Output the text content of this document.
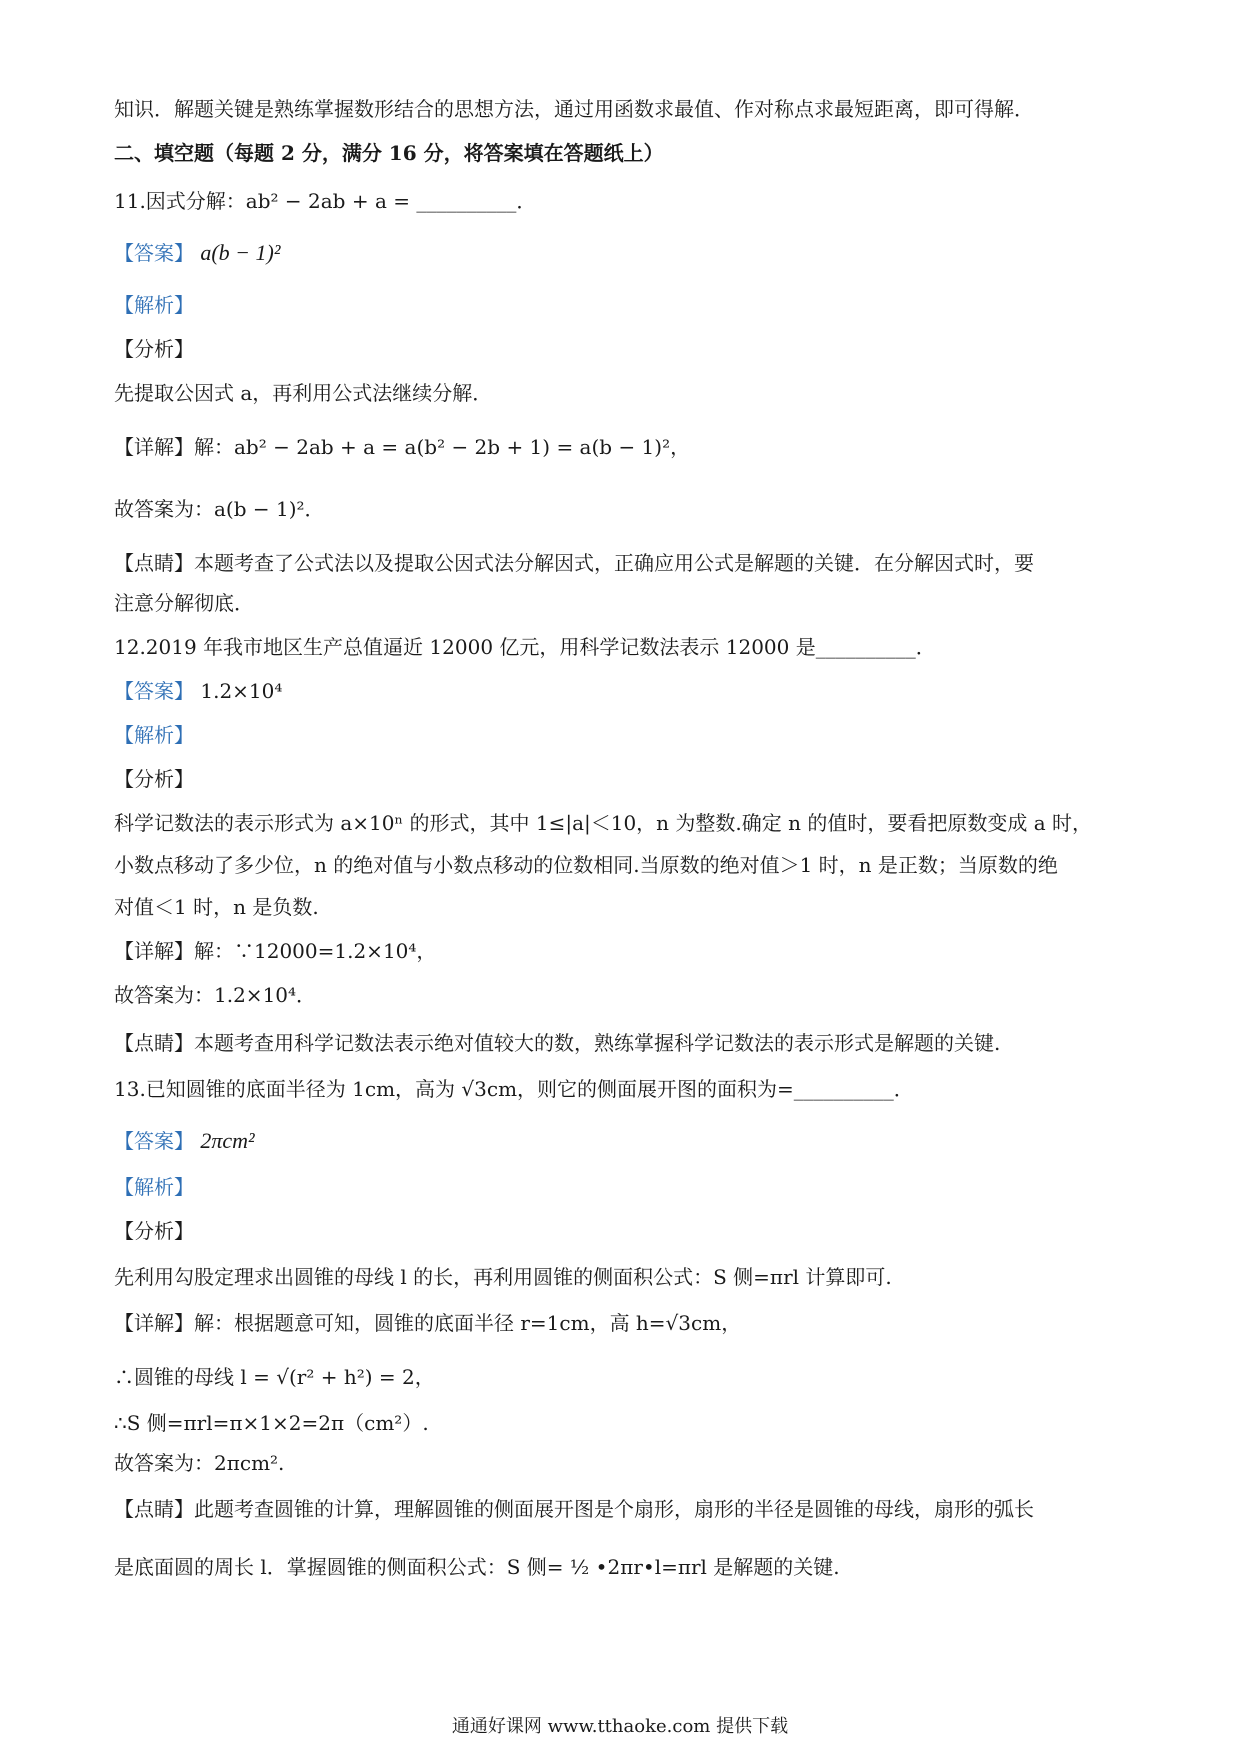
知识．解题关键是熟练掌握数形结合的思想方法，通过用函数求最值、作对称点求最短距离，即可得解．
二、填空题（每题 2 分，满分 16 分，将答案填在答题纸上）
11.因式分解：ab² − 2ab + a = __________．
【答案】 a(b − 1)²
【解析】
【分析】
先提取公因式 a，再利用公式法继续分解．
【详解】解：ab² − 2ab + a = a(b² − 2b + 1) = a(b − 1)²，
故答案为：a(b − 1)²．
【点睛】本题考查了公式法以及提取公因式法分解因式，正确应用公式是解题的关键．在分解因式时，要
注意分解彻底．
12.2019 年我市地区生产总值逼近 12000 亿元，用科学记数法表示 12000 是__________．
【答案】 1.2×10⁴
【解析】
【分析】
科学记数法的表示形式为 a×10ⁿ 的形式，其中 1≤|a|＜10，n 为整数.确定 n 的值时，要看把原数变成 a 时，
小数点移动了多少位，n 的绝对值与小数点移动的位数相同.当原数的绝对值＞1 时，n 是正数；当原数的绝
对值＜1 时，n 是负数.
【详解】解：∵12000=1.2×10⁴，
故答案为：1.2×10⁴．
【点睛】本题考查用科学记数法表示绝对值较大的数，熟练掌握科学记数法的表示形式是解题的关键.
13.已知圆锥的底面半径为 1cm，高为 √3cm，则它的侧面展开图的面积为=__________．
【答案】 2πcm²
【解析】
【分析】
先利用勾股定理求出圆锥的母线 l 的长，再利用圆锥的侧面积公式：S 侧=πrl 计算即可.
【详解】解：根据题意可知，圆锥的底面半径 r=1cm，高 h=√3cm，
∴圆锥的母线 l = √(r² + h²) = 2，
∴S 侧=πrl=π×1×2=2π（cm²）.
故答案为：2πcm².
【点睛】此题考查圆锥的计算，理解圆锥的侧面展开图是个扇形，扇形的半径是圆锥的母线，扇形的弧长
是底面圆的周长 l．掌握圆锥的侧面积公式：S 侧= ½ •2πr•l=πrl 是解题的关键.
通通好课网 www.tthaoke.com 提供下载
